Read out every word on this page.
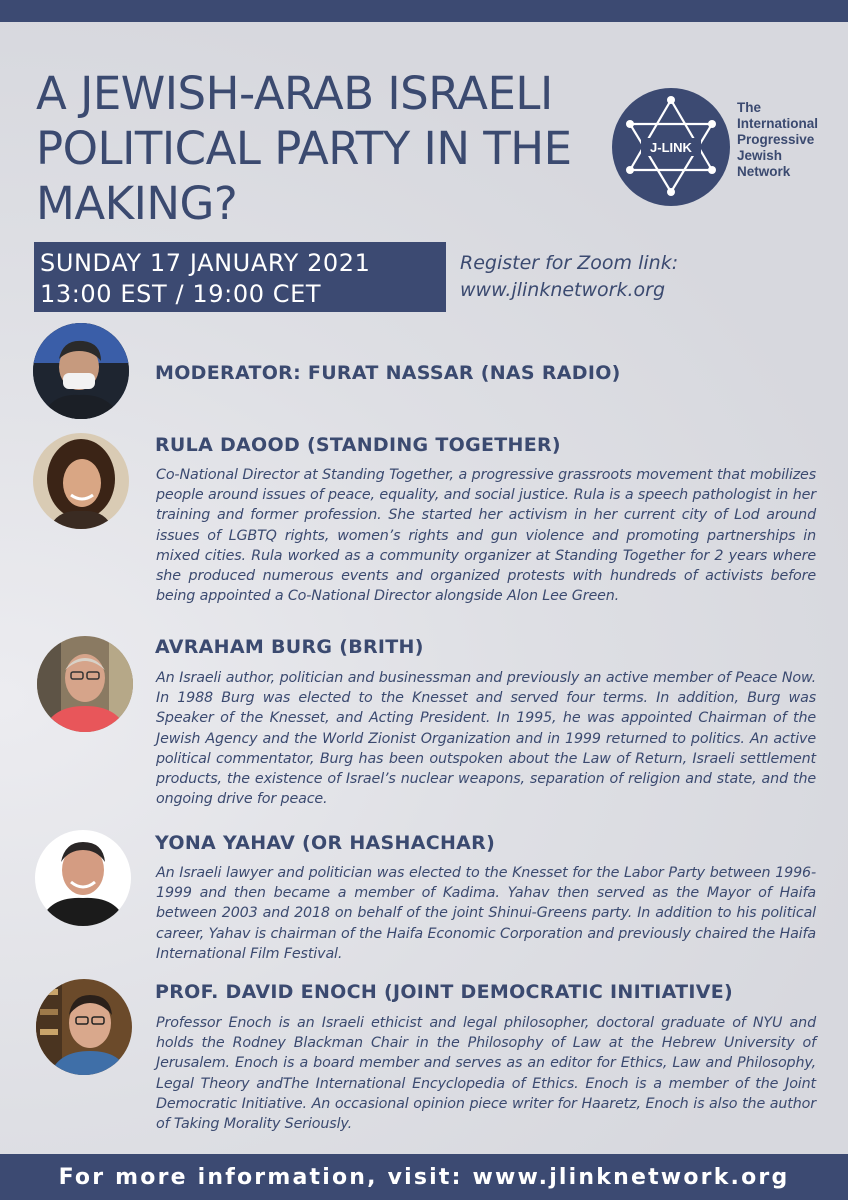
A JEWISH-ARAB ISRAELI POLITICAL PARTY IN THE MAKING?
J-LINK
The
International
Progressive
Jewish
Network
SUNDAY 17 JANUARY 2021
13:00 EST / 19:00 CET
Register for Zoom link:
www.jlinknetwork.org
MODERATOR: FURAT NASSAR (NAS RADIO)
RULA DAOOD (STANDING TOGETHER)
Co-National Director at Standing Together, a progressive grassroots movement that mobilizes people around issues of peace, equality, and social justice. Rula is a speech pathologist in her training and former profession. She started her activism in her current city of Lod around issues of LGBTQ rights, women’s rights and gun violence and promoting partnerships in mixed cities. Rula worked as a community organizer at Standing Together for 2 years where she produced numerous events and organized protests with hundreds of activists before being appointed a Co-National Director alongside Alon Lee Green.
AVRAHAM BURG (BRITH)
An Israeli author, politician and businessman and previously an active member of Peace Now. In 1988 Burg was elected to the Knesset and served four terms. In addition, Burg was Speaker of the Knesset, and Acting President. In 1995, he was appointed Chairman of the Jewish Agency and the World Zionist Organization and in 1999 returned to politics. An active political commentator, Burg has been outspoken about the Law of Return, Israeli settlement products, the existence of Israel’s nuclear weapons, separation of religion and state, and the ongoing drive for peace.
YONA YAHAV (OR HASHACHAR)
An Israeli lawyer and politician was elected to the Knesset for the Labor Party between 1996-1999 and then became a member of Kadima. Yahav then served as the Mayor of Haifa between 2003 and 2018 on behalf of the joint Shinui-Greens party. In addition to his political career, Yahav is chairman of the Haifa Economic Corporation and previously chaired the Haifa International Film Festival.
PROF. DAVID ENOCH (JOINT DEMOCRATIC INITIATIVE)
Professor Enoch is an Israeli ethicist and legal philosopher, doctoral graduate of NYU and holds the Rodney Blackman Chair in the Philosophy of Law at the Hebrew University of Jerusalem. Enoch is a board member and serves as an editor for Ethics, Law and Philosophy, Legal Theory andThe International Encyclopedia of Ethics. Enoch is a member of the Joint Democratic Initiative. An occasional opinion piece writer for Haaretz, Enoch is also the author of Taking Morality Seriously.
For more information, visit: www.jlinknetwork.org
